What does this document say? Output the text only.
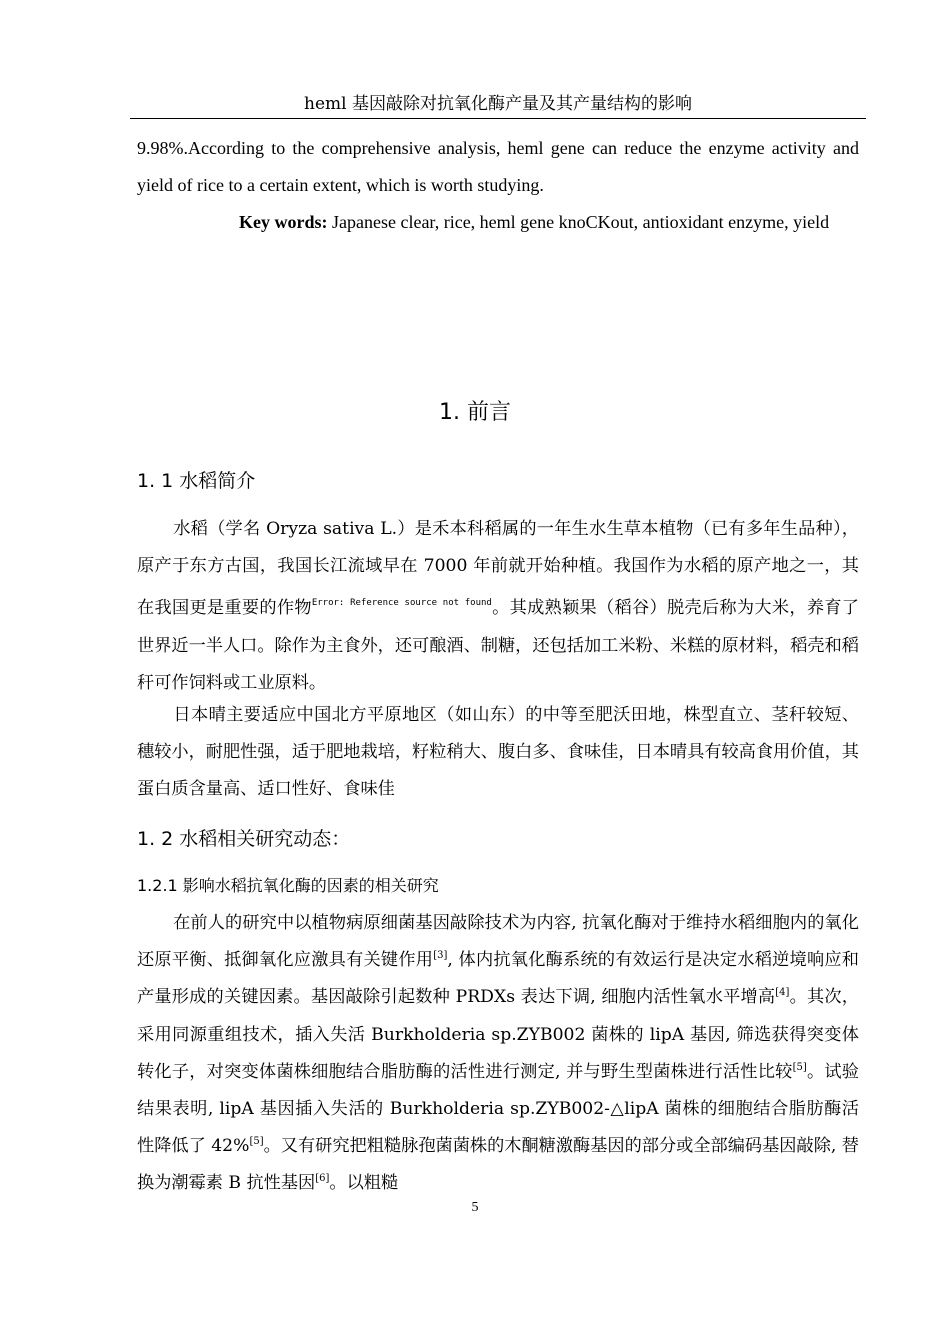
heml 基因敲除对抗氧化酶产量及其产量结构的影响

9.98%.According to the comprehensive analysis, heml gene can reduce the enzyme activity and yield of rice to a certain extent, which is worth studying.

Key words: Japanese clear, rice, heml gene knoCKout, antioxidant enzyme, yield

1. 前言
1. 1 水稻简介

水稻（学名 Oryza sativa L.）是禾本科稻属的一年生水生草本植物（已有多年生品种），原产于东方古国，我国长江流域早在 7000 年前就开始种植。我国作为水稻的原产地之一，其在我国更是重要的作物$^{Error: Reference source not found}$。其成熟颖果（稻谷）脱壳后称为大米，养育了世界近一半人口。除作为主食外，还可酿酒、制糖，还包括加工米粉、米糕的原材料，稻壳和稻秆可作饲料或工业原料。

日本晴主要适应中国北方平原地区（如山东）的中等至肥沃田地，株型直立、茎秆较短、穗较小，耐肥性强，适于肥地栽培，籽粒稍大、腹白多、食味佳，日本晴具有较高食用价值，其蛋白质含量高、适口性好、食味佳

1. 2 水稻相关研究动态：
1.2.1 影响水稻抗氧化酶的因素的相关研究

在前人的研究中以植物病原细菌基因敲除技术为内容, 抗氧化酶对于维持水稻细胞内的氧化还原平衡、抵御氧化应激具有关键作用[3], 体内抗氧化酶系统的有效运行是决定水稻逆境响应和产量形成的关键因素。基因敲除引起数种 PRDXs 表达下调, 细胞内活性氧水平增高[4]。其次，采用同源重组技术，插入失活 Burkholderia sp.ZYB002 菌株的 lipA 基因, 筛选获得突变体转化子，对突变体菌株细胞结合脂肪酶的活性进行测定, 并与野生型菌株进行活性比较[5]。试验结果表明, lipA 基因插入失活的 Burkholderia sp.ZYB002-△lipA 菌株的细胞结合脂肪酶活性降低了 42%[5]。又有研究把粗糙脉孢菌菌株的木酮糖激酶基因的部分或全部编码基因敲除, 替换为潮霉素 B 抗性基因[6]。以粗糙

5
